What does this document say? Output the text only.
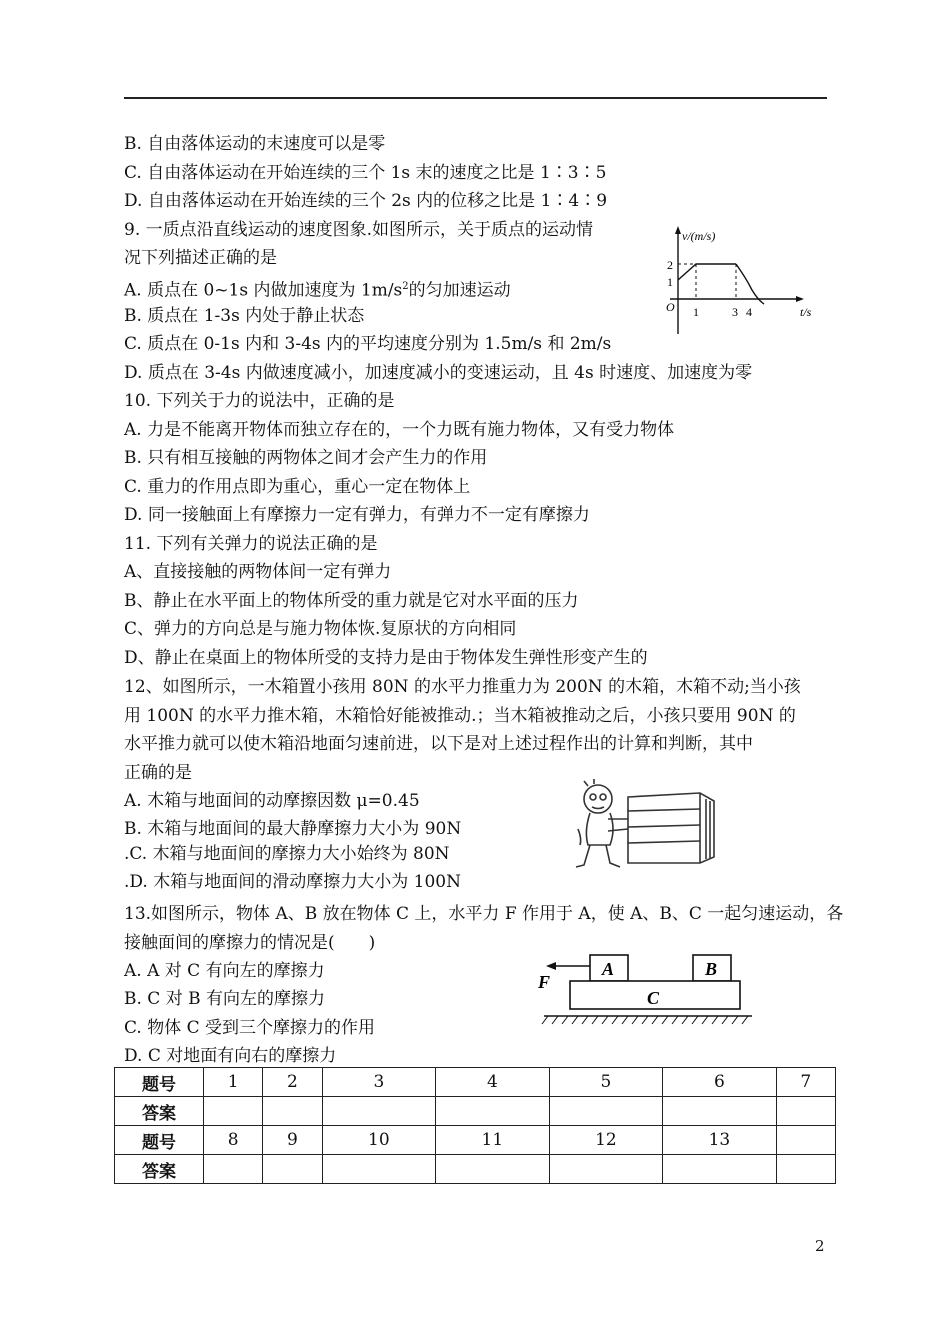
B. 自由落体运动的末速度可以是零
C. 自由落体运动在开始连续的三个 1s 末的速度之比是 1∶3∶5
D. 自由落体运动在开始连续的三个 2s 内的位移之比是 1∶4∶9
9. 一质点沿直线运动的速度图象.如图所示，关于质点的运动情
况下列描述正确的是
A. 质点在 0~1s 内做加速度为 $1m/s^2$的匀加速运动
B. 质点在 1-3s 内处于静止状态
C. 质点在 0-1s 内和 3-4s 内的平均速度分别为 1.5m/s 和 2m/s
D. 质点在 3-4s 内做速度减小，加速度减小的变速运动，且 4s 时速度、加速度为零
v/(m/s)
2
1
O 1	3 4	t/s
10. 下列关于力的说法中，正确的是
A. 力是不能离开物体而独立存在的，一个力既有施力物体，又有受力物体
B. 只有相互接触的两物体之间才会产生力的作用
C. 重力的作用点即为重心，重心一定在物体上
D. 同一接触面上有摩擦力一定有弹力，有弹力不一定有摩擦力
11. 下列有关弹力的说法正确的是
A、直接接触的两物体间一定有弹力
B、静止在水平面上的物体所受的重力就是它对水平面的压力
C、弹力的方向总是与施力物体恢.复原状的方向相同
D、静止在桌面上的物体所受的支持力是由于物体发生弹性形变产生的
12、如图所示，一木箱置小孩用 80N 的水平力推重力为 200N 的木箱，木箱不动;当小孩
用 100N 的水平力推木箱，木箱恰好能被推动.；当木箱被推动之后，小孩只要用 90N 的
水平推力就可以使木箱沿地面匀速前进，以下是对上述过程作出的计算和判断，其中
正确的是
A. 木箱与地面间的动摩擦因数 μ=0.45
B. 木箱与地面间的最大静摩擦力大小为 90N
.C. 木箱与地面间的摩擦力大小始终为 80N
.D. 木箱与地面间的滑动摩擦力大小为 100N
13.如图所示，物体 A、B 放在物体 C 上，水平力 F 作用于 A，使 A、B、C 一起匀速运动，各
接触面间的摩擦力的情况是(　　)
A. A 对 C 有向左的摩擦力
B. C 对 B 有向左的摩擦力
C. 物体 C 受到三个摩擦力的作用
D. C 对地面有向右的摩擦力
A	B
C
F
题号	1	2	3	4	5	6	7
答案							
题号	8	9	10	11	12	13	
答案							
2
